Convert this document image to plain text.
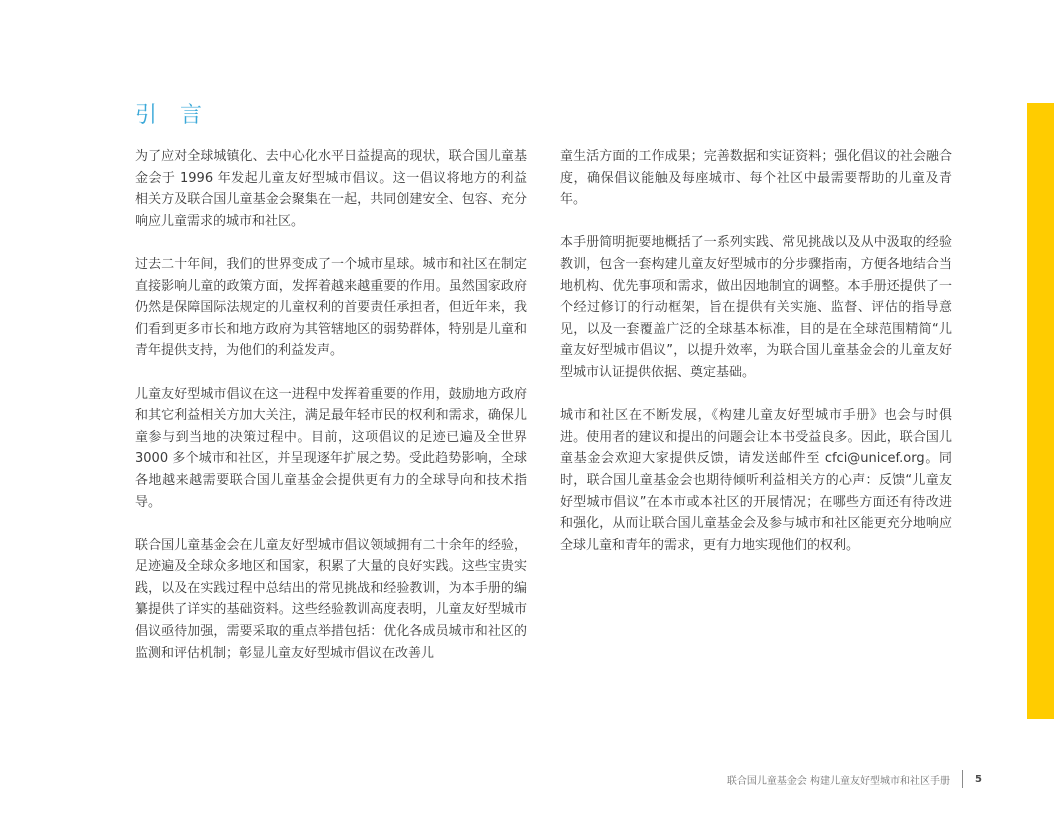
引 言

为了应对全球城镇化、去中心化水平日益提高的现状，联合国儿童基金会于 1996 年发起儿童友好型城市倡议。这一倡议将地方的利益相关方及联合国儿童基金会聚集在一起，共同创建安全、包容、充分响应儿童需求的城市和社区。

过去二十年间，我们的世界变成了一个城市星球。城市和社区在制定直接影响儿童的政策方面，发挥着越来越重要的作用。虽然国家政府仍然是保障国际法规定的儿童权利的首要责任承担者，但近年来，我们看到更多市长和地方政府为其管辖地区的弱势群体，特别是儿童和青年提供支持，为他们的利益发声。

儿童友好型城市倡议在这一进程中发挥着重要的作用，鼓励地方政府和其它利益相关方加大关注，满足最年轻市民的权利和需求，确保儿童参与到当地的决策过程中。目前，这项倡议的足迹已遍及全世界 3000 多个城市和社区，并呈现逐年扩展之势。受此趋势影响，全球各地越来越需要联合国儿童基金会提供更有力的全球导向和技术指导。

联合国儿童基金会在儿童友好型城市倡议领域拥有二十余年的经验，足迹遍及全球众多地区和国家，积累了大量的良好实践。这些宝贵实践，以及在实践过程中总结出的常见挑战和经验教训，为本手册的编纂提供了详实的基础资料。这些经验教训高度表明，儿童友好型城市倡议亟待加强，需要采取的重点举措包括：优化各成员城市和社区的监测和评估机制；彰显儿童友好型城市倡议在改善儿

童生活方面的工作成果；完善数据和实证资料；强化倡议的社会融合度，确保倡议能触及每座城市、每个社区中最需要帮助的儿童及青年。

本手册简明扼要地概括了一系列实践、常见挑战以及从中汲取的经验教训，包含一套构建儿童友好型城市的分步骤指南，方便各地结合当地机构、优先事项和需求，做出因地制宜的调整。本手册还提供了一个经过修订的行动框架，旨在提供有关实施、监督、评估的指导意见，以及一套覆盖广泛的全球基本标准，目的是在全球范围精简“儿童友好型城市倡议”，以提升效率，为联合国儿童基金会的儿童友好型城市认证提供依据、奠定基础。

城市和社区在不断发展，《构建儿童友好型城市手册》也会与时俱进。使用者的建议和提出的问题会让本书受益良多。因此，联合国儿童基金会欢迎大家提供反馈，请发送邮件至 cfci@unicef.org。同时，联合国儿童基金会也期待倾听利益相关方的心声：反馈“儿童友好型城市倡议”在本市或本社区的开展情况；在哪些方面还有待改进和强化，从而让联合国儿童基金会及参与城市和社区能更充分地响应全球儿童和青年的需求，更有力地实现他们的权利。

联合国儿童基金会 构建儿童友好型城市和社区手册	5
